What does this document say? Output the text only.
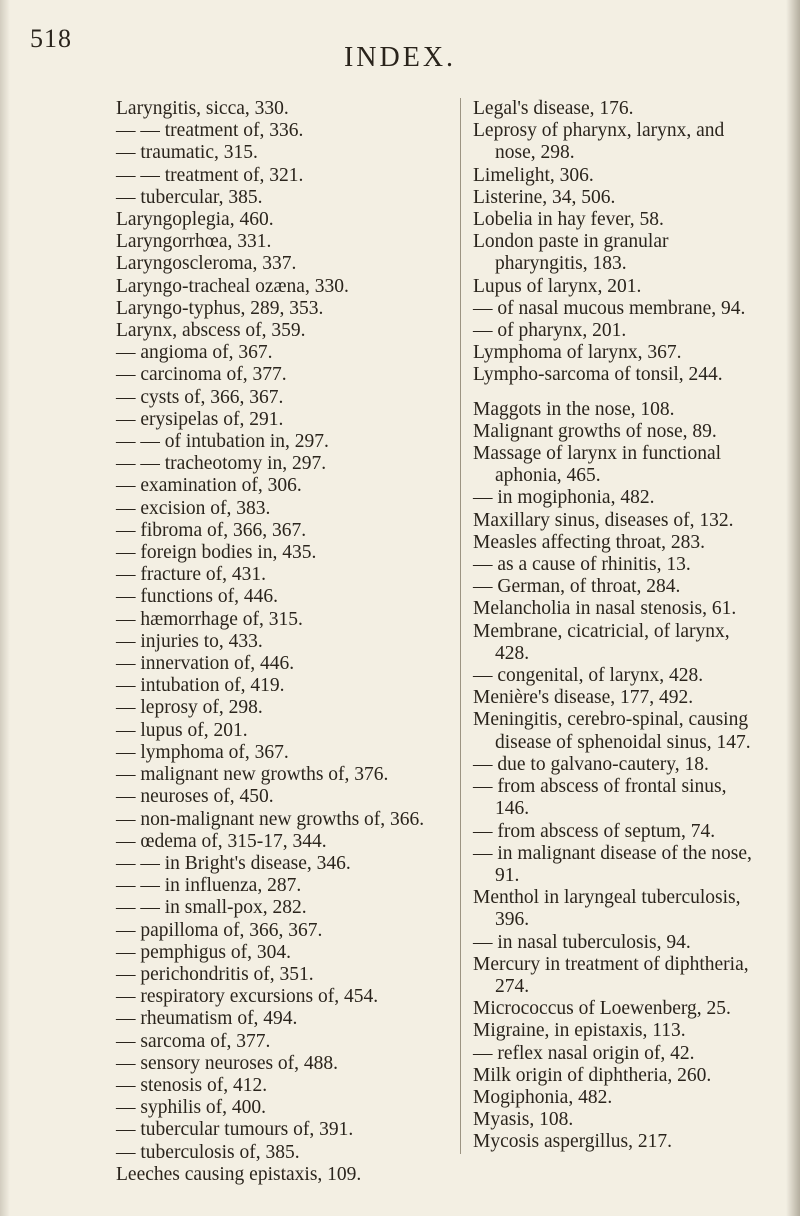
518
INDEX.
Laryngitis, sicca, 330.
— — treatment of, 336.
— traumatic, 315.
— — treatment of, 321.
— tubercular, 385.
Laryngoplegia, 460.
Laryngorrhœa, 331.
Laryngoscleroma, 337.
Laryngo-tracheal ozæna, 330.
Laryngo-typhus, 289, 353.
Larynx, abscess of, 359.
— angioma of, 367.
— carcinoma of, 377.
— cysts of, 366, 367.
— erysipelas of, 291.
— — of intubation in, 297.
— — tracheotomy in, 297.
— examination of, 306.
— excision of, 383.
— fibroma of, 366, 367.
— foreign bodies in, 435.
— fracture of, 431.
— functions of, 446.
— hæmorrhage of, 315.
— injuries to, 433.
— innervation of, 446.
— intubation of, 419.
— leprosy of, 298.
— lupus of, 201.
— lymphoma of, 367.
— malignant new growths of, 376.
— neuroses of, 450.
— non-malignant new growths of, 366.
— œdema of, 315-17, 344.
— — in Bright's disease, 346.
— — in influenza, 287.
— — in small-pox, 282.
— papilloma of, 366, 367.
— pemphigus of, 304.
— perichondritis of, 351.
— respiratory excursions of, 454.
— rheumatism of, 494.
— sarcoma of, 377.
— sensory neuroses of, 488.
— stenosis of, 412.
— syphilis of, 400.
— tubercular tumours of, 391.
— tuberculosis of, 385.
Leeches causing epistaxis, 109.
Legal's disease, 176.
Leprosy of pharynx, larynx, and nose, 298.
Limelight, 306.
Listerine, 34, 506.
Lobelia in hay fever, 58.
London paste in granular pharyngitis, 183.
Lupus of larynx, 201.
— of nasal mucous membrane, 94.
— of pharynx, 201.
Lymphoma of larynx, 367.
Lympho-sarcoma of tonsil, 244.
Maggots in the nose, 108.
Malignant growths of nose, 89.
Massage of larynx in functional aphonia, 465.
— in mogiphonia, 482.
Maxillary sinus, diseases of, 132.
Measles affecting throat, 283.
— as a cause of rhinitis, 13.
— German, of throat, 284.
Melancholia in nasal stenosis, 61.
Membrane, cicatricial, of larynx, 428.
— congenital, of larynx, 428.
Menière's disease, 177, 492.
Meningitis, cerebro-spinal, causing disease of sphenoidal sinus, 147.
— due to galvano-cautery, 18.
— from abscess of frontal sinus, 146.
— from abscess of septum, 74.
— in malignant disease of the nose, 91.
Menthol in laryngeal tuberculosis, 396.
— in nasal tuberculosis, 94.
Mercury in treatment of diphtheria, 274.
Micrococcus of Loewenberg, 25.
Migraine, in epistaxis, 113.
— reflex nasal origin of, 42.
Milk origin of diphtheria, 260.
Mogiphonia, 482.
Myasis, 108.
Mycosis aspergillus, 217.
